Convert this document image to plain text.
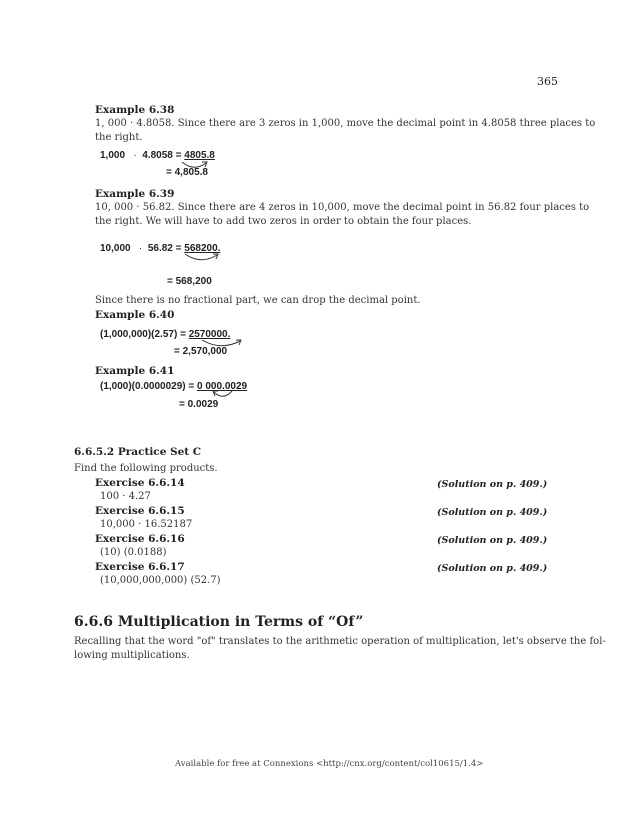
365
Example 6.38
1, 000 · 4.8058. Since there are 3 zeros in 1,000, move the decimal point in 4.8058 three places to
the right.
1,000   ·  4.8058 = 4805.8
= 4,805.8
Example 6.39
10, 000 · 56.82. Since there are 4 zeros in 10,000, move the decimal point in 56.82 four places to
the right. We will have to add two zeros in order to obtain the four places.
10,000   ·  56.82 = 568200.
= 568,200
Since there is no fractional part, we can drop the decimal point.
Example 6.40
(1,000,000)(2.57) = 2570000.
= 2,570,000
Example 6.41
(1,000)(0.0000029) = 0 000.0029
= 0.0029
6.6.5.2 Practice Set C
Find the following products.
Exercise 6.6.14	(Solution on p. 409.)
100 · 4.27
Exercise 6.6.15	(Solution on p. 409.)
10,000 · 16.52187
Exercise 6.6.16	(Solution on p. 409.)
(10) (0.0188)
Exercise 6.6.17	(Solution on p. 409.)
(10,000,000,000) (52.7)
6.6.6 Multiplication in Terms of “Of”
Recalling that the word "of" translates to the arithmetic operation of multiplication, let's observe the fol-
lowing multiplications.
Available for free at Connexions <http://cnx.org/content/col10615/1.4>
